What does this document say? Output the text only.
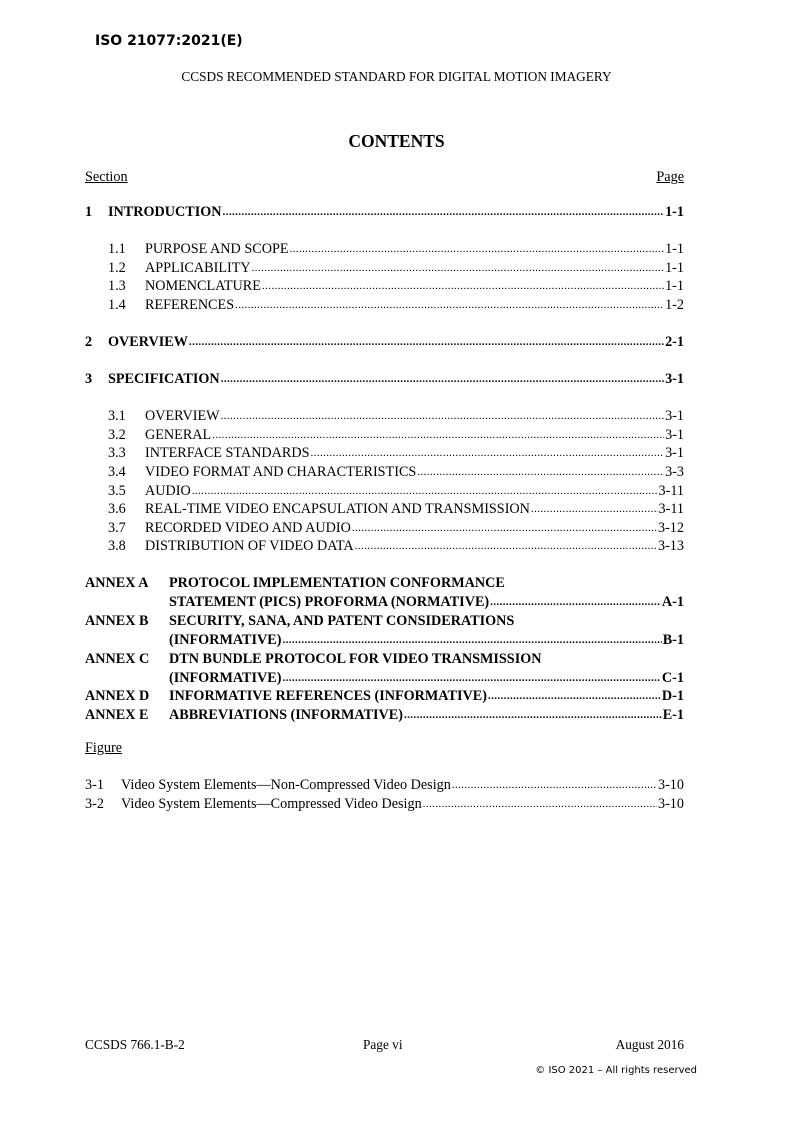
ISO 21077:2021(E)
CCSDS RECOMMENDED STANDARD FOR DIGITAL MOTION IMAGERY
CONTENTS
Section	Page
1	INTRODUCTION .....	1-1
1.1	PURPOSE AND SCOPE .....	1-1
1.2	APPLICABILITY .....	1-1
1.3	NOMENCLATURE .....	1-1
1.4	REFERENCES .....	1-2
2	OVERVIEW .....	2-1
3	SPECIFICATION .....	3-1
3.1	OVERVIEW .....	3-1
3.2	GENERAL .....	3-1
3.3	INTERFACE STANDARDS .....	3-1
3.4	VIDEO FORMAT AND CHARACTERISTICS .....	3-3
3.5	AUDIO .....	3-11
3.6	REAL-TIME VIDEO ENCAPSULATION AND TRANSMISSION .....	3-11
3.7	RECORDED VIDEO AND AUDIO .....	3-12
3.8	DISTRIBUTION OF VIDEO DATA .....	3-13
ANNEX A PROTOCOL IMPLEMENTATION CONFORMANCE
STATEMENT (PICS) PROFORMA (NORMATIVE) .....	A-1
ANNEX B SECURITY, SANA, AND PATENT CONSIDERATIONS
(INFORMATIVE) .....	B-1
ANNEX C DTN BUNDLE PROTOCOL FOR VIDEO TRANSMISSION
(INFORMATIVE) .....	C-1
ANNEX D	INFORMATIVE REFERENCES (INFORMATIVE) .....	D-1
ANNEX E	ABBREVIATIONS (INFORMATIVE) .....	E-1
Figure
3-1	Video System Elements—Non-Compressed Video Design .....	3-10
3-2	Video System Elements—Compressed Video Design .....	3-10
CCSDS 766.1-B-2	Page vi	August 2016
© ISO 2021 – All rights reserved
